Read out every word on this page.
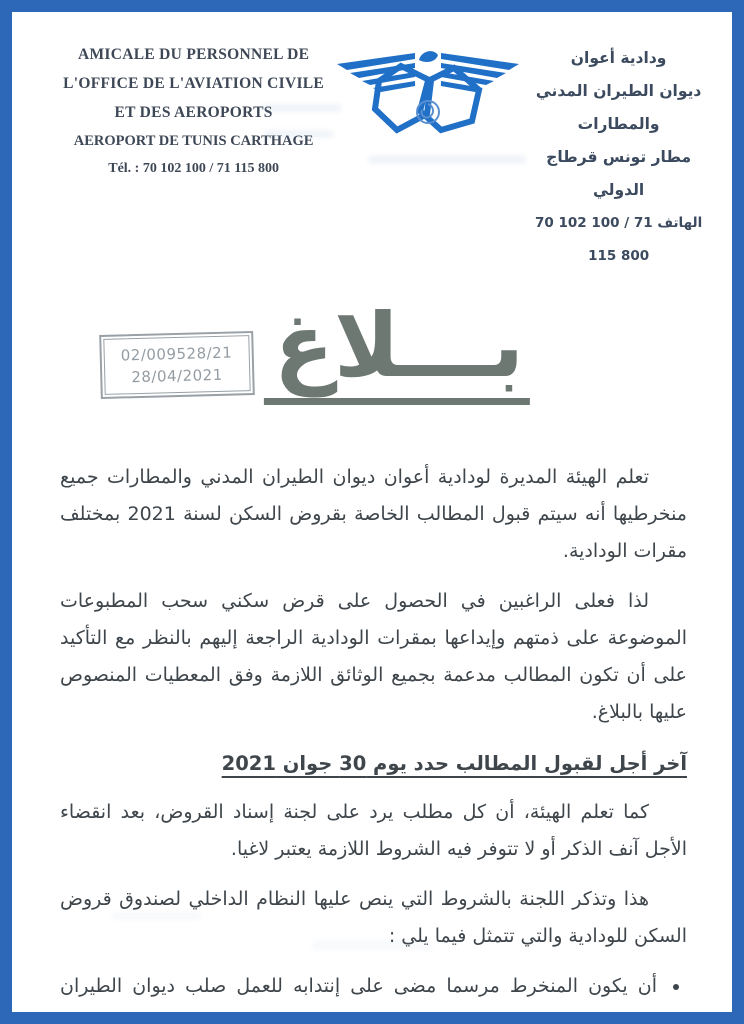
AMICALE DU PERSONNEL DE
L'OFFICE DE L'AVIATION CIVILE
ET DES AEROPORTS
AEROPORT DE TUNIS CARTHAGE
Tél. : 70 102 100 / 71 115 800
ودادية أعوان
ديوان الطيران المدني والمطارات
مطار تونس قرطاج الدولي
الهاتف 70 102 100 / 71 115 800
02/009528/21
28/04/2021 بـــلاغ

تعلم الهيئة المديرة لودادية أعوان ديوان الطيران المدني والمطارات جميع منخرطيها أنه سيتم قبول المطالب الخاصة بقروض السكن لسنة 2021 بمختلف مقرات الودادية.

لذا فعلى الراغبين في الحصول على قرض سكني سحب المطبوعات الموضوعة على ذمتهم وإيداعها بمقرات الودادية الراجعة إليهم بالنظر مع التأكيد على أن تكون المطالب مدعمة بجميع الوثائق اللازمة وفق المعطيات المنصوص عليها بالبلاغ.

آخر أجل لقبول المطالب حدد يوم 30 جوان 2021

كما تعلم الهيئة، أن كل مطلب يرد على لجنة إسناد القروض، بعد انقضاء الأجل آنف الذكر أو لا تتوفر فيه الشروط اللازمة يعتبر لاغيا.

هذا وتذكر اللجنة بالشروط التي ينص عليها النظام الداخلي لصندوق قروض السكن للودادية والتي تتمثل فيما يلي :

• أن يكون المنخرط مرسما مضى على إنتدابه للعمل صلب ديوان الطيران المدني والمطارات 3 سنوات ويكون منخرطا بالودادية منذ 3 سنوات.
